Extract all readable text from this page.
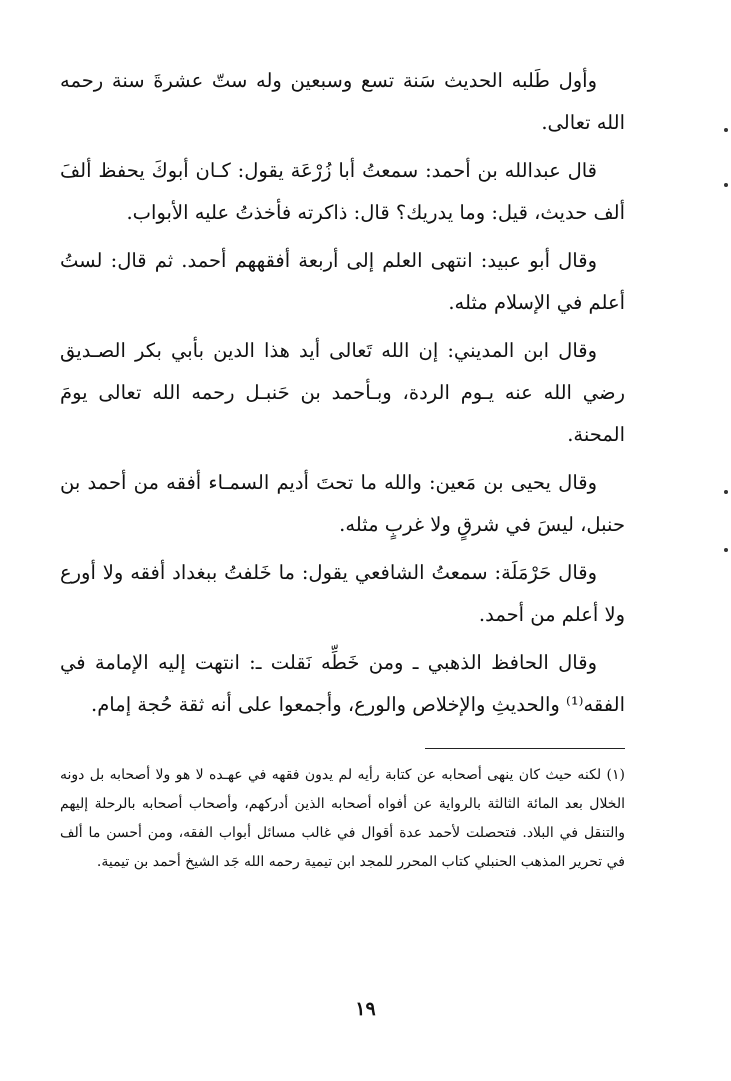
وأول طَلبه الحديث سَنة تسع وسبعين وله ستّ عشرةَ سنة رحمه الله تعالى.

قال عبدالله بن أحمد: سمعتُ أبا زُرْعَة يقول: كـان أبوكَ يحفظ ألفَ ألف حديث، قيل: وما يدريك؟ قال: ذاكرته فأخذتُ عليه الأبواب.

وقال أبو عبيد: انتهى العلم إلى أربعة أفقههم أحمد. ثم قال: لستُ أعلم في الإسلام مثله.

وقال ابن المديني: إن الله تَعالى أيد هذا الدين بأبي بكر الصـديق رضي الله عنه يـوم الردة، وبـأحمد بن حَنبـل رحمه الله تعالى يومَ المحنة.

وقال يحيى بن مَعين: والله ما تحتَ أديم السمـاء أفقه من أحمد بن حنبل، ليسَ في شرقٍ ولا غربٍ مثله.

وقال حَرْمَلَة: سمعتُ الشافعي يقول: ما خَلفتُ ببغداد أفقه ولا أورع ولا أعلم من أحمد.

وقال الحافظ الذهبي ـ ومن خَطِّه نَقلت ـ: انتهت إليه الإمامة في الفقه⁽¹⁾ والحديثِ والإخلاص والورع، وأجمعوا على أنه ثقة حُجة إمام.

(١) لكنه حيث كان ينهى أصحابه عن كتابة رأيه لم يدون فقهه في عهـده لا هو ولا أصحابه بل دونه الخلال بعد المائة الثالثة بالرواية عن أفواه أصحابه الذين أدركهم، وأصحاب أصحابه بالرحلة إليهم والتنقل في البلاد. فتحصلت لأحمد عدة أقوال في غالب مسائل أبواب الفقه، ومن أحسن ما ألف في تحرير المذهب الحنبلي كتاب المحرر للمجد ابن تيمية رحمه الله جَد الشيخ أحمد بن تيمية.

١٩
